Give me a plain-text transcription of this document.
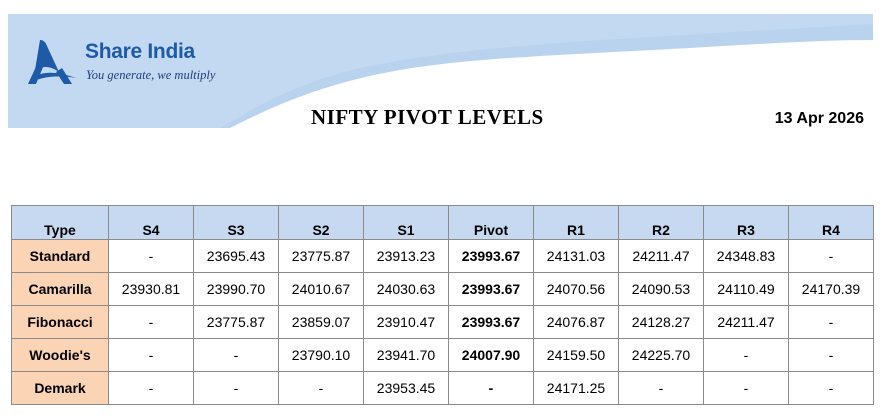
Share India
You generate, we multiply
NIFTY PIVOT LEVELS	13 Apr 2026
Type	S4	S3	S2	S1	Pivot	R1	R2	R3	R4
Standard	-	23695.43	23775.87	23913.23	23993.67	24131.03	24211.47	24348.83	-
Camarilla	23930.81	23990.70	24010.67	24030.63	23993.67	24070.56	24090.53	24110.49	24170.39
Fibonacci	-	23775.87	23859.07	23910.47	23993.67	24076.87	24128.27	24211.47	-
Woodie's	-	-	23790.10	23941.70	24007.90	24159.50	24225.70	-	-
Demark	-	-	-	23953.45	-	24171.25	-	-	-
